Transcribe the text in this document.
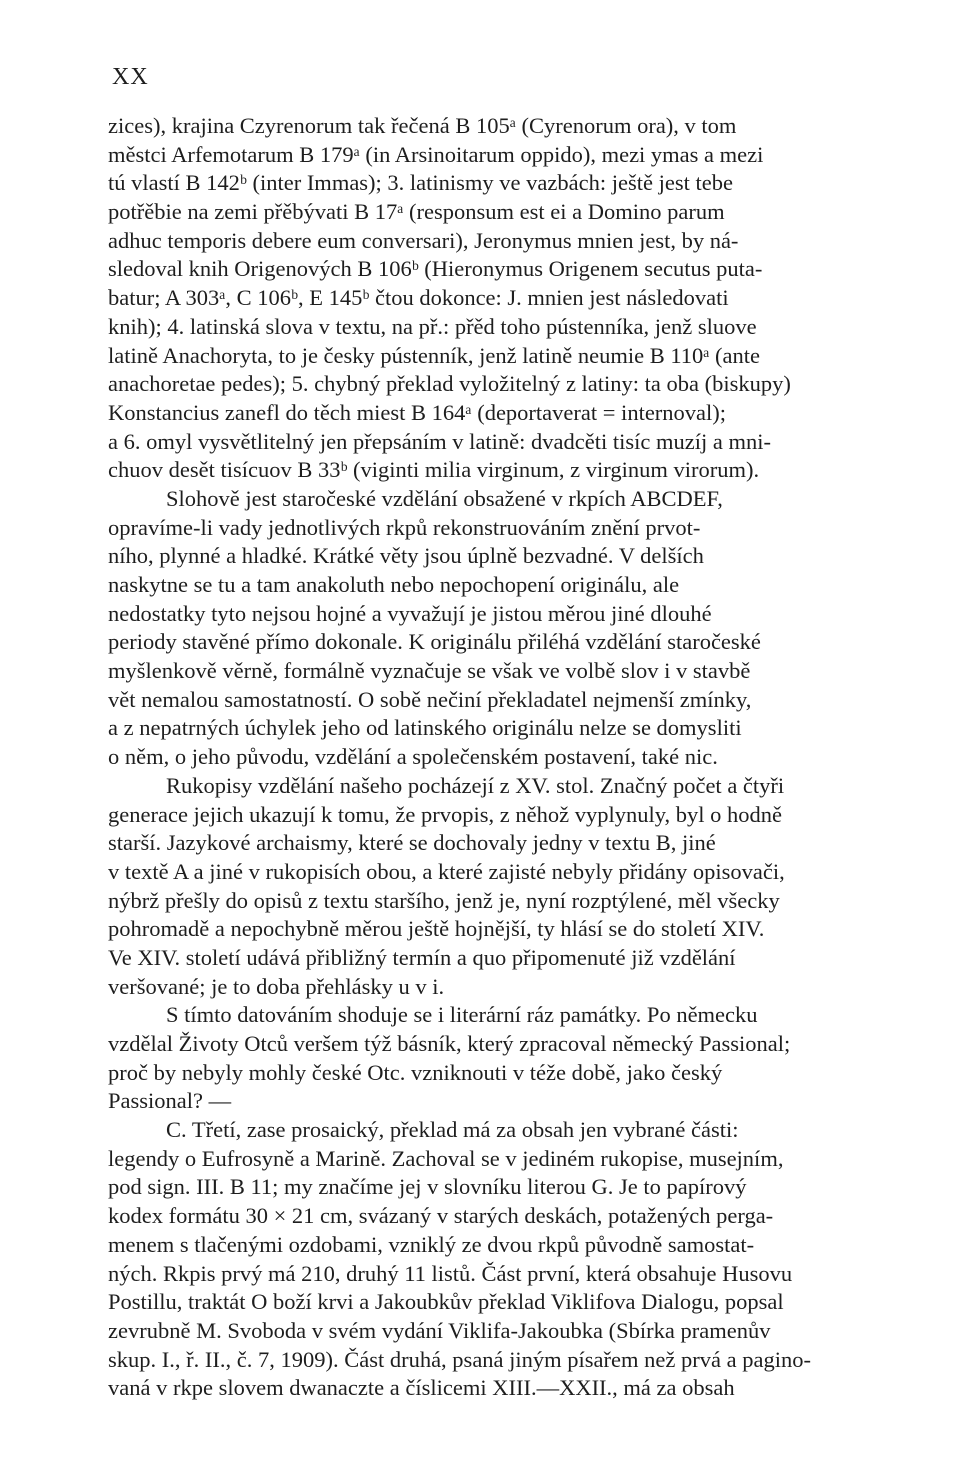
XX
zices), krajina Czyrenorum tak řečená B 105ᵃ (Cyrenorum ora), v tom
městci Arfemotarum B 179ᵃ (in Arsinoitarum oppido), mezi ymas a mezi
tú vlastí B 142ᵇ (inter Immas); 3. latinismy ve vazbách: ještě jest tebe
potřěbie na zemi přěbývati B 17ᵃ (responsum est ei a Domino parum
adhuc temporis debere eum conversari), Jeronymus mnien jest, by ná-
sledoval knih Origenových B 106ᵇ (Hieronymus Origenem secutus puta-
batur; A 303ᵃ, C 106ᵇ, E 145ᵇ čtou dokonce: J. mnien jest následovati
knih); 4. latinská slova v textu, na př.: přěd toho pústenníka, jenž sluove
latině Anachoryta, to je česky pústenník, jenž latině neumie B 110ᵃ (ante
anachoretae pedes); 5. chybný překlad vyložitelný z latiny: ta oba (biskupy)
Konstancius zanefl do těch miest B 164ᵃ (deportaverat = internoval);
a 6. omyl vysvětlitelný jen přepsáním v latině: dvadcěti tisíc muzíj a mni-
chuov desět tisícuov B 33ᵇ (viginti milia virginum, z virginum virorum).
Slohově jest staročeské vzdělání obsažené v rkpích ABCDEF,
opravíme-li vady jednotlivých rkpů rekonstruováním znění prvot-
ního, plynné a hladké. Krátké věty jsou úplně bezvadné. V delších
naskytne se tu a tam anakoluth nebo nepochopení originálu, ale
nedostatky tyto nejsou hojné a vyvažují je jistou měrou jiné dlouhé
periody stavěné přímo dokonale. K originálu přiléhá vzdělání staročeské
myšlenkově věrně, formálně vyznačuje se však ve volbě slov i v stavbě
vět nemalou samostatností. O sobě nečiní překladatel nejmenší zmínky,
a z nepatrných úchylek jeho od latinského originálu nelze se domysliti
o něm, o jeho původu, vzdělání a společenském postavení, také nic.
Rukopisy vzdělání našeho pocházejí z XV. stol. Značný počet a čtyři
generace jejich ukazují k tomu, že prvopis, z něhož vyplynuly, byl o hodně
starší. Jazykové archaismy, které se dochovaly jedny v textu B, jiné
v textě A a jiné v rukopisích obou, a které zajisté nebyly přidány opisovači,
nýbrž přešly do opisů z textu staršího, jenž je, nyní rozptýlené, měl všecky
pohromadě a nepochybně měrou ještě hojnější, ty hlásí se do století XIV.
Ve XIV. století udává přibližný termín a quo připomenuté již vzdělání
veršované; je to doba přehlásky u v i.
S tímto datováním shoduje se i literární ráz památky. Po německu
vzdělal Životy Otců veršem týž básník, který zpracoval německý Passional;
proč by nebyly mohly české Otc. vzniknouti v téže době, jako český
Passional? —
C. Třetí, zase prosaický, překlad má za obsah jen vybrané části:
legendy o Eufrosyně a Marině. Zachoval se v jediném rukopise, musejním,
pod sign. III. B 11; my značíme jej v slovníku literou G. Je to papírový
kodex formátu 30 × 21 cm, svázaný v starých deskách, potažených perga-
menem s tlačenými ozdobami, vzniklý ze dvou rkpů původně samostat-
ných. Rkpis prvý má 210, druhý 11 listů. Část první, která obsahuje Husovu
Postillu, traktát O boží krvi a Jakoubkův překlad Viklifova Dialogu, popsal
zevrubně M. Svoboda v svém vydání Viklifa-Jakoubka (Sbírka pramenův
skup. I., ř. II., č. 7, 1909). Část druhá, psaná jiným písařem než prvá a pagino-
vaná v rkpe slovem dwanaczte a číslicemi XIII.—XXII., má za obsah
